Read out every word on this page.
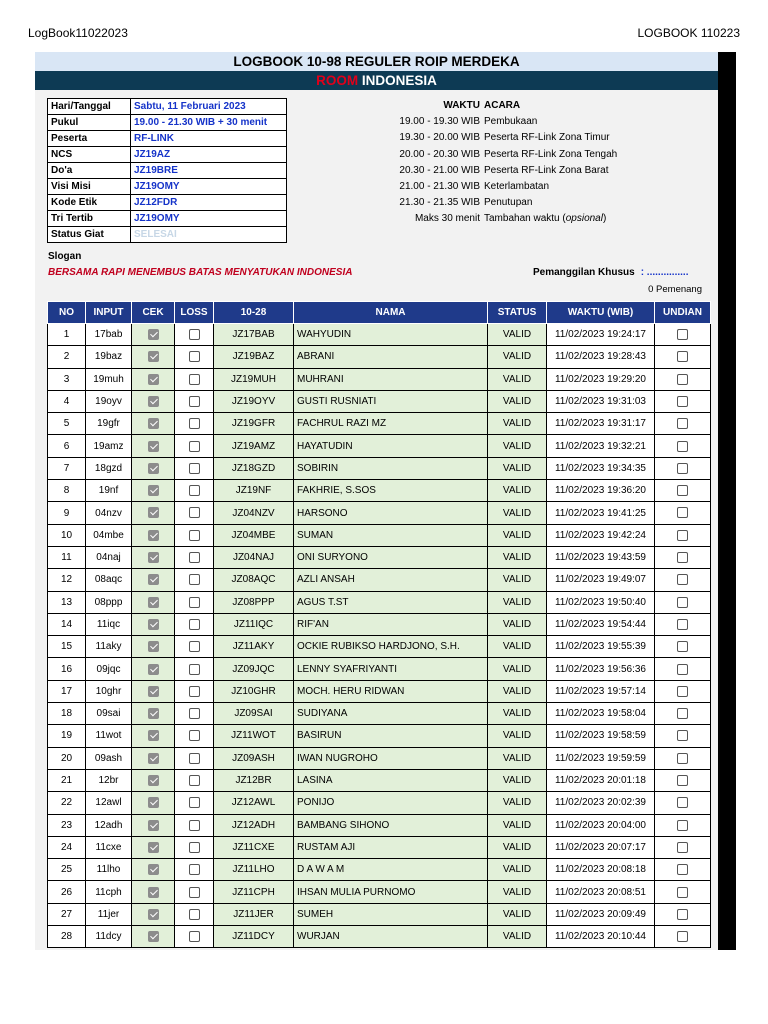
LogBook11022023	LOGBOOK 110223
LOGBOOK 10-98 REGULER ROIP MERDEKA
ROOM INDONESIA
Hari/Tanggal	Sabtu, 11 Februari 2023
Pukul	19.00 - 21.30 WIB + 30 menit
Peserta	RF-LINK
NCS	JZ19AZ
Do'a	JZ19BRE
Visi Misi	JZ19OMY
Kode Etik	JZ12FDR
Tri Tertib	JZ19OMY
Status Giat	SELESAI
WAKTU ACARA
19.00 - 19.30 WIB Pembukaan
19.30 - 20.00 WIB Peserta RF-Link Zona Timur
20.00 - 20.30 WIB Peserta RF-Link Zona Tengah
20.30 - 21.00 WIB Peserta RF-Link Zona Barat
21.00 - 21.30 WIB Keterlambatan
21.30 - 21.35 WIB Penutupan
Maks 30 menit Tambahan waktu (opsional)
Slogan
BERSAMA RAPI MENEMBUS BATAS MENYATUKAN INDONESIA	Pemanggilan Khusus : ...............
0 Pemenang
NO	INPUT	CEK	LOSS	10-28	NAMA	STATUS	WAKTU (WIB)	UNDIAN
1	17bab			JZ17BAB	WAHYUDIN	VALID	11/02/2023 19:24:17	
2	19baz			JZ19BAZ	ABRANI	VALID	11/02/2023 19:28:43	
3	19muh			JZ19MUH	MUHRANI	VALID	11/02/2023 19:29:20	
4	19oyv			JZ19OYV	GUSTI RUSNIATI	VALID	11/02/2023 19:31:03	
5	19gfr			JZ19GFR	FACHRUL RAZI MZ	VALID	11/02/2023 19:31:17	
6	19amz			JZ19AMZ	HAYATUDIN	VALID	11/02/2023 19:32:21	
7	18gzd			JZ18GZD	SOBIRIN	VALID	11/02/2023 19:34:35	
8	19nf			JZ19NF	FAKHRIE, S.SOS	VALID	11/02/2023 19:36:20	
9	04nzv			JZ04NZV	HARSONO	VALID	11/02/2023 19:41:25	
10	04mbe			JZ04MBE	SUMAN	VALID	11/02/2023 19:42:24	
11	04naj			JZ04NAJ	ONI SURYONO	VALID	11/02/2023 19:43:59	
12	08aqc			JZ08AQC	AZLI ANSAH	VALID	11/02/2023 19:49:07	
13	08ppp			JZ08PPP	AGUS T.ST	VALID	11/02/2023 19:50:40	
14	11iqc			JZ11IQC	RIF'AN	VALID	11/02/2023 19:54:44	
15	11aky			JZ11AKY	OCKIE RUBIKSO HARDJONO, S.H.	VALID	11/02/2023 19:55:39	
16	09jqc			JZ09JQC	LENNY SYAFRIYANTI	VALID	11/02/2023 19:56:36	
17	10ghr			JZ10GHR	MOCH. HERU RIDWAN	VALID	11/02/2023 19:57:14	
18	09sai			JZ09SAI	SUDIYANA	VALID	11/02/2023 19:58:04	
19	11wot			JZ11WOT	BASIRUN	VALID	11/02/2023 19:58:59	
20	09ash			JZ09ASH	IWAN NUGROHO	VALID	11/02/2023 19:59:59	
21	12br			JZ12BR	LASINA	VALID	11/02/2023 20:01:18	
22	12awl			JZ12AWL	PONIJO	VALID	11/02/2023 20:02:39	
23	12adh			JZ12ADH	BAMBANG SIHONO	VALID	11/02/2023 20:04:00	
24	11cxe			JZ11CXE	RUSTAM AJI	VALID	11/02/2023 20:07:17	
25	11lho			JZ11LHO	D A W A M	VALID	11/02/2023 20:08:18	
26	11cph			JZ11CPH	IHSAN MULIA PURNOMO	VALID	11/02/2023 20:08:51	
27	11jer			JZ11JER	SUMEH	VALID	11/02/2023 20:09:49	
28	11dcy			JZ11DCY	WURJAN	VALID	11/02/2023 20:10:44	
